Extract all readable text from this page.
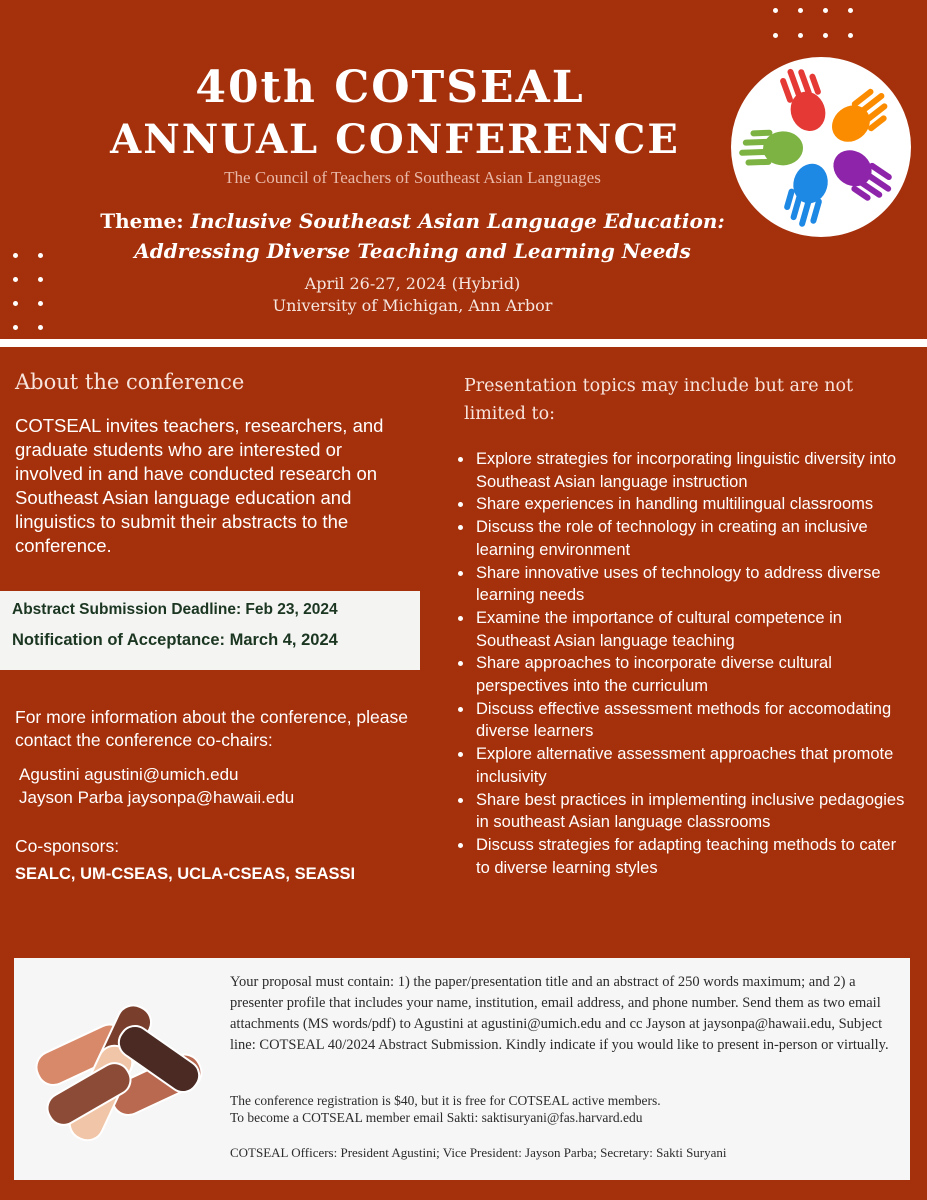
40th COTSEAL
ANNUAL CONFERENCE
The Council of Teachers of Southeast Asian Languages
Theme: Inclusive Southeast Asian Language Education:
Addressing Diverse Teaching and Learning Needs
April 26-27, 2024 (Hybrid)
University of Michigan, Ann Arbor
About the conference
COTSEAL invites teachers, researchers, and graduate students who are interested or involved in and have conducted research on Southeast Asian language education and linguistics to submit their abstracts to the conference.
Abstract Submission Deadline: Feb 23, 2024
Notification of Acceptance: March 4, 2024
For more information about the conference, please contact the conference co-chairs:
Agustini agustini@umich.edu
Jayson Parba jaysonpa@hawaii.edu
Co-sponsors:
SEALC, UM-CSEAS, UCLA-CSEAS, SEASSI
Presentation topics may include but are not limited to:
• Explore strategies for incorporating linguistic diversity into Southeast Asian language instruction
• Share experiences in handling multilingual classrooms
• Discuss the role of technology in creating an inclusive learning environment
• Share innovative uses of technology to address diverse learning needs
• Examine the importance of cultural competence in Southeast Asian language teaching
• Share approaches to incorporate diverse cultural perspectives into the curriculum
• Discuss effective assessment methods for accomodating diverse learners
• Explore alternative assessment approaches that promote inclusivity
• Share best practices in implementing inclusive pedagogies in southeast Asian language classrooms
• Discuss strategies for adapting teaching methods to cater to diverse learning styles
Your proposal must contain: 1) the paper/presentation title and an abstract of 250 words maximum; and 2) a presenter profile that includes your name, institution, email address, and phone number. Send them as two email attachments (MS words/pdf) to Agustini at agustini@umich.edu and cc Jayson at jaysonpa@hawaii.edu, Subject line: COTSEAL 40/2024 Abstract Submission. Kindly indicate if you would like to present in-person or virtually.
The conference registration is $40, but it is free for COTSEAL active members.
To become a COTSEAL member email Sakti: saktisuryani@fas.harvard.edu
COTSEAL Officers: President Agustini; Vice President: Jayson Parba; Secretary: Sakti Suryani
